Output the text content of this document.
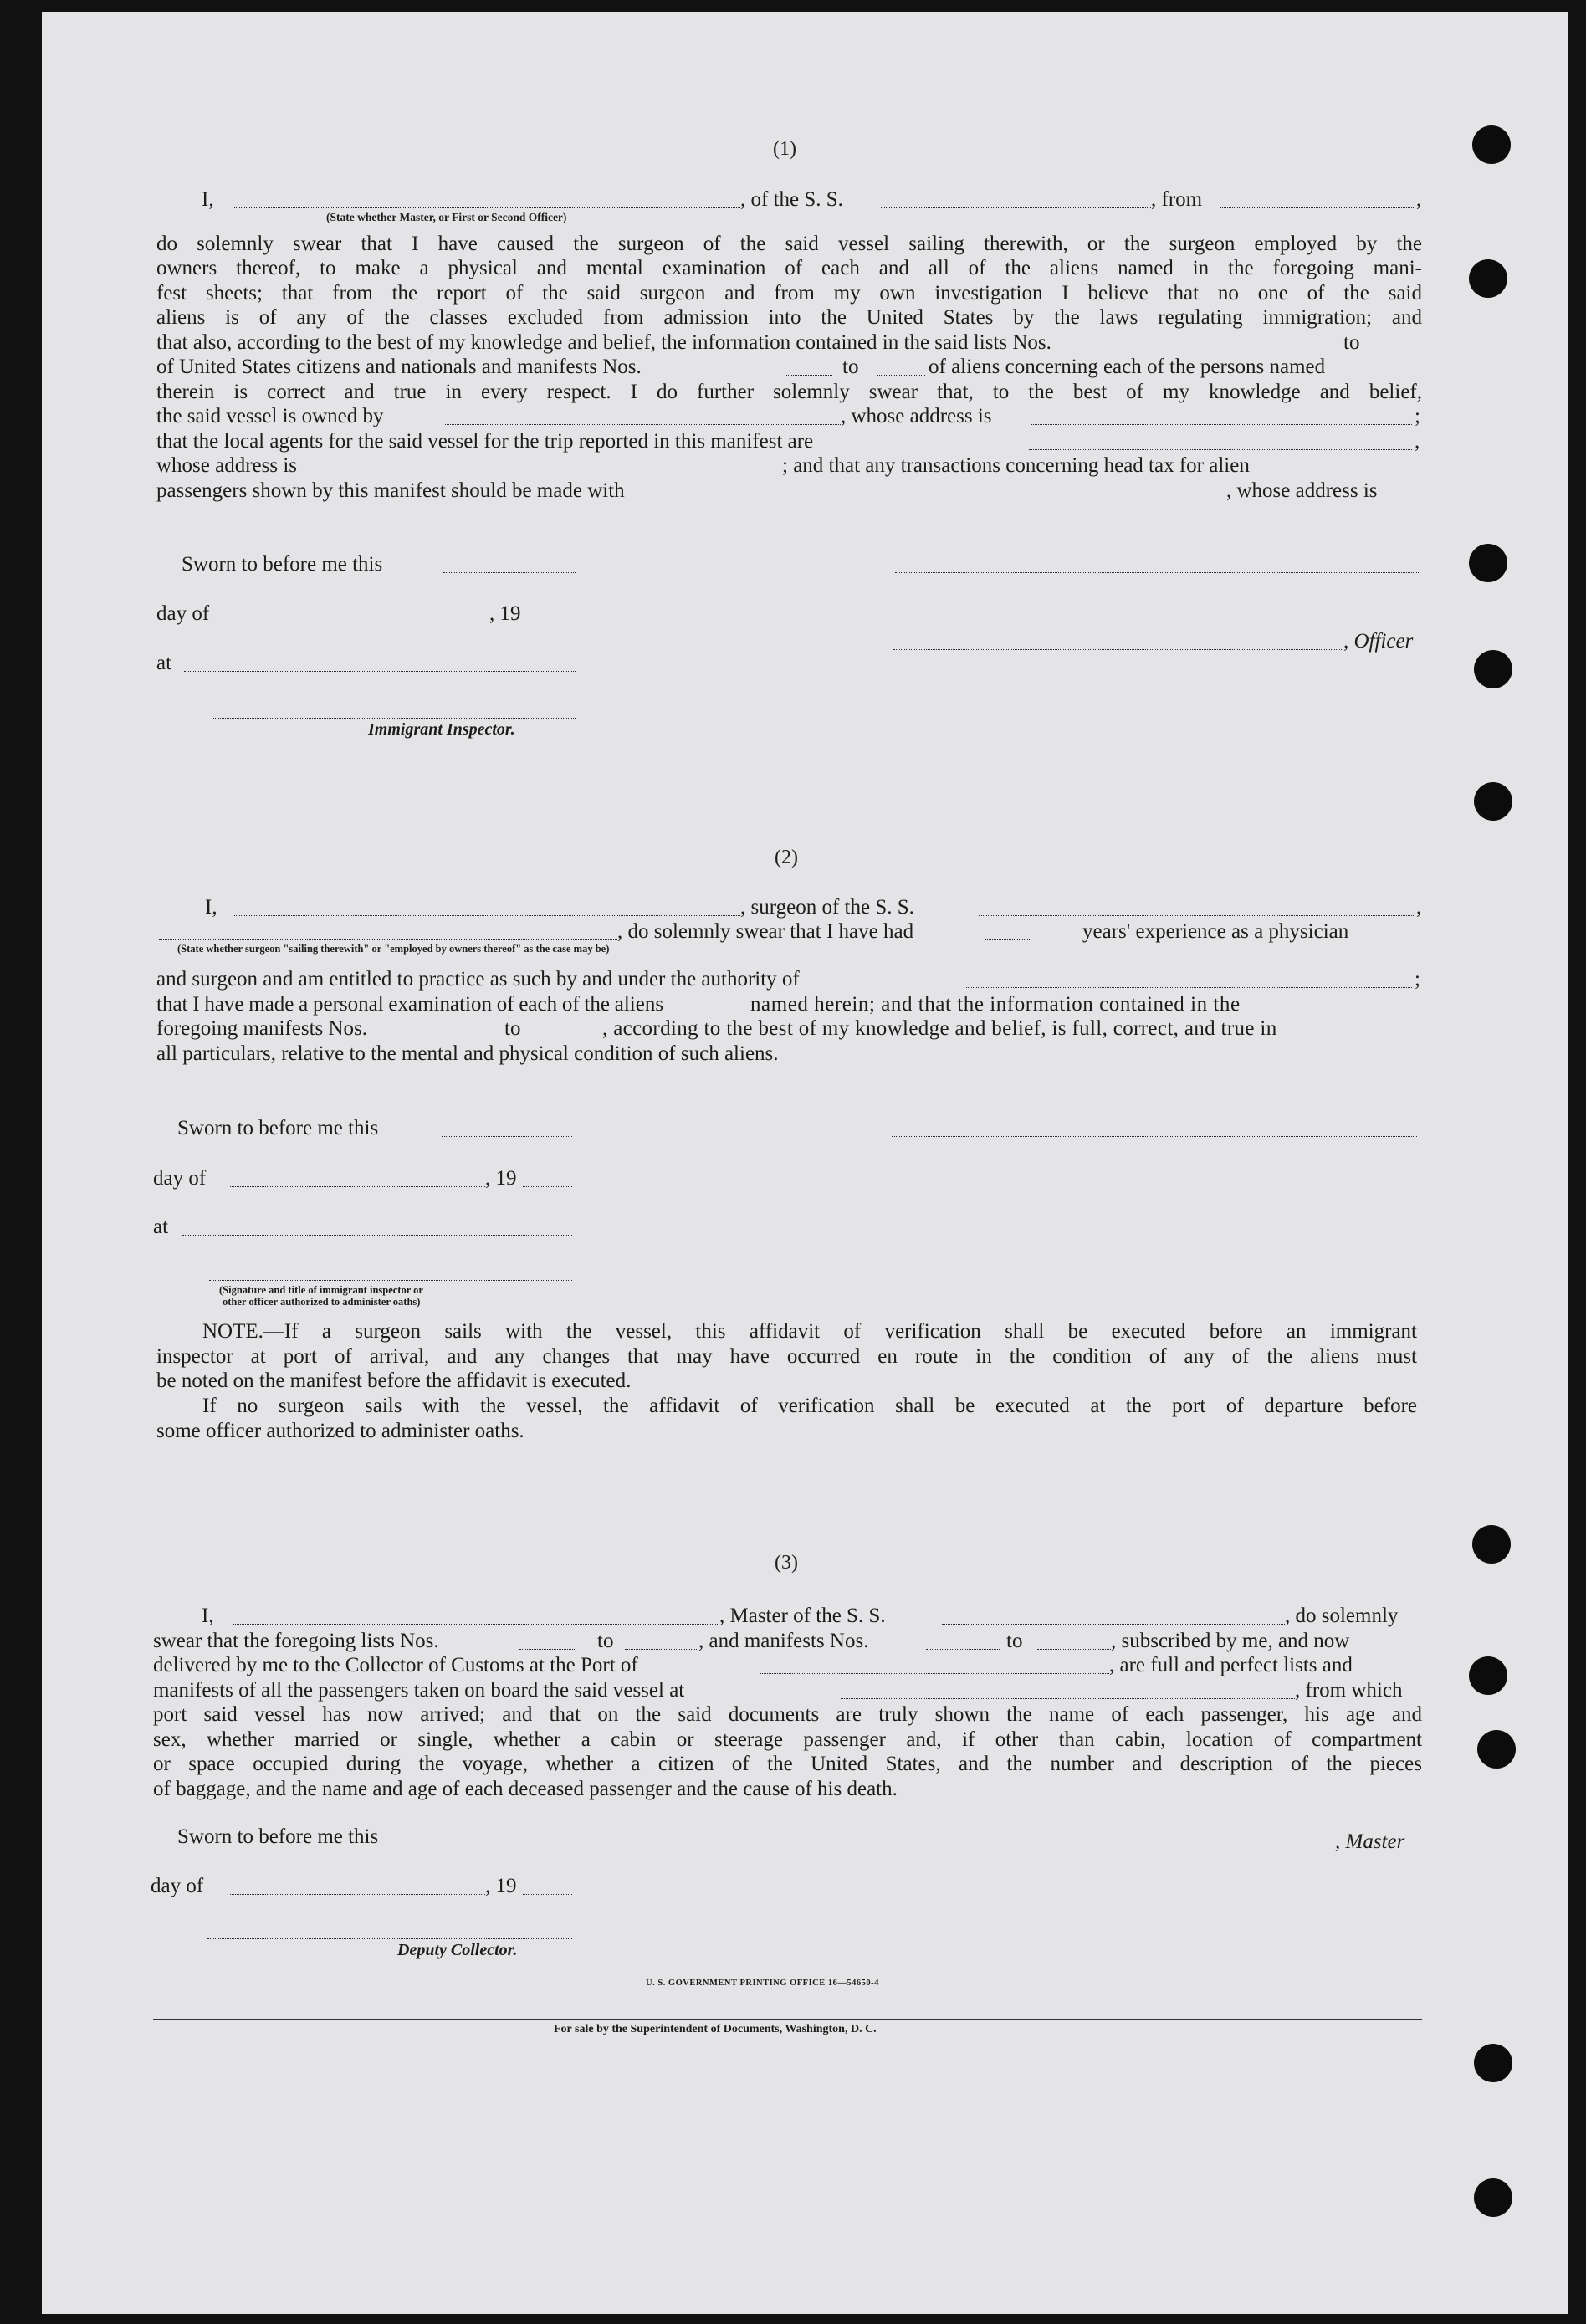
(1)
I,	, of the S. S.	, from	,
(State whether Master, or First or Second Officer)
do solemnly swear that I have caused the surgeon of the said vessel sailing therewith, or the surgeon employed by the
owners thereof, to make a physical and mental examination of each and all of the aliens named in the foregoing mani-
fest sheets; that from the report of the said surgeon and from my own investigation I believe that no one of the said
aliens is of any of the classes excluded from admission into the United States by the laws regulating immigration; and
that also, according to the best of my knowledge and belief, the information contained in the said lists Nos.	to
of United States citizens and nationals and manifests Nos.	to	of aliens concerning each of the persons named
therein is correct and true in every respect. I do further solemnly swear that, to the best of my knowledge and belief,
the said vessel is owned by	, whose address is	;
that the local agents for the said vessel for the trip reported in this manifest are	,
whose address is	; and that any transactions concerning head tax for alien
passengers shown by this manifest should be made with	, whose address is
Sworn to before me this
day of	, 19
, Officer
at
Immigrant Inspector.
(2)
I,	, surgeon of the S. S.	,
, do solemnly swear that I have had	years' experience as a physician
(State whether surgeon "sailing therewith" or "employed by owners thereof" as the case may be)
and surgeon and am entitled to practice as such by and under the authority of	;
that I have made a personal examination of each of the aliens	named herein; and that the information contained in the
foregoing manifests Nos.	to	, according to the best of my knowledge and belief, is full, correct, and true in
all particulars, relative to the mental and physical condition of such aliens.
Sworn to before me this
day of	, 19
at
(Signature and title of immigrant inspector or
other officer authorized to administer oaths)
NOTE.—If a surgeon sails with the vessel, this affidavit of verification shall be executed before an immigrant
inspector at port of arrival, and any changes that may have occurred en route in the condition of any of the aliens must
be noted on the manifest before the affidavit is executed.
If no surgeon sails with the vessel, the affidavit of verification shall be executed at the port of departure before
some officer authorized to administer oaths.
(3)
I,	, Master of the S. S.	, do solemnly
swear that the foregoing lists Nos.	to	, and manifests Nos.	to	, subscribed by me, and now
delivered by me to the Collector of Customs at the Port of	, are full and perfect lists and
manifests of all the passengers taken on board the said vessel at	, from which
port said vessel has now arrived; and that on the said documents are truly shown the name of each passenger, his age and
sex, whether married or single, whether a cabin or steerage passenger and, if other than cabin, location of compartment
or space occupied during the voyage, whether a citizen of the United States, and the number and description of the pieces
of baggage, and the name and age of each deceased passenger and the cause of his death.
Sworn to before me this	, Master
day of	, 19
Deputy Collector.
U. S. GOVERNMENT PRINTING OFFICE 16—54650-4
For sale by the Superintendent of Documents, Washington, D. C.
